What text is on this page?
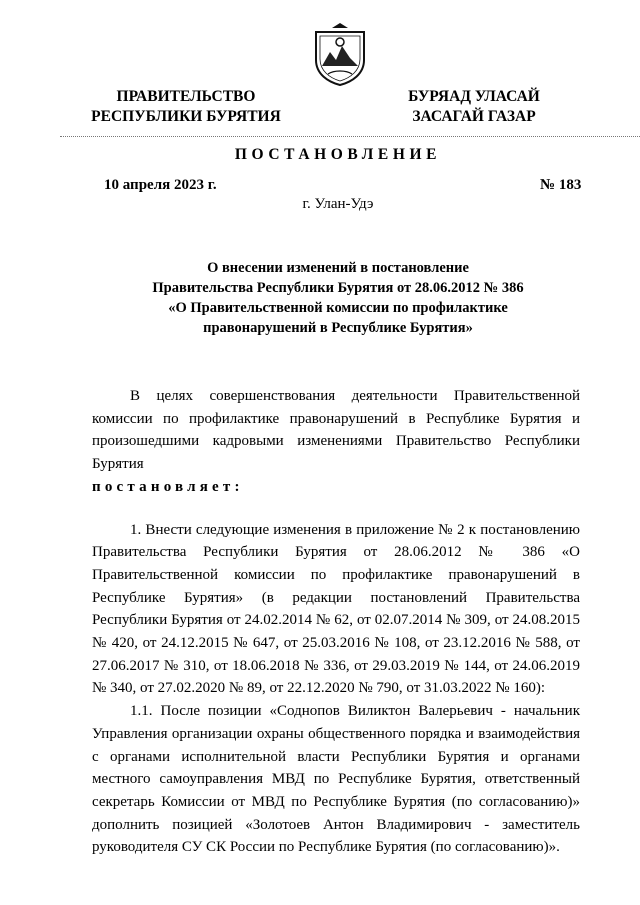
ПРАВИТЕЛЬСТВО
РЕСПУБЛИКИ БУРЯТИЯ
БУРЯАД УЛАСАЙ
ЗАСАГАЙ ГАЗАР
ПОСТАНОВЛЕНИЕ
10 апреля 2023 г.	№ 183
г. Улан-Удэ
О внесении изменений в постановление
Правительства Республики Бурятия от 28.06.2012 № 386
«О Правительственной комиссии по профилактике
правонарушений в Республике Бурятия»

В целях совершенствования деятельности Правительственной комиссии по профилактике правонарушений в Республике Бурятия и произошедшими кадровыми изменениями Правительство Республики Бурятия

постановляет:

1. Внести следующие изменения в приложение № 2 к постановлению Правительства Республики Бурятия от 28.06.2012 № 386 «О Правительственной комиссии по профилактике правонарушений в Республике Бурятия» (в редакции постановлений Правительства Республики Бурятия от 24.02.2014 № 62, от 02.07.2014 № 309, от 24.08.2015 № 420, от 24.12.2015 № 647, от 25.03.2016 № 108, от 23.12.2016 № 588, от 27.06.2017 № 310, от 18.06.2018 № 336, от 29.03.2019 № 144, от 24.06.2019 № 340, от 27.02.2020 № 89, от 22.12.2020 № 790, от 31.03.2022 № 160):

1.1. После позиции «Соднопов Виликтон Валерьевич - начальник Управления организации охраны общественного порядка и взаимодействия с органами исполнительной власти Республики Бурятия и органами местного самоуправления МВД по Республике Бурятия, ответственный секретарь Комиссии от МВД по Республике Бурятия (по согласованию)» дополнить позицией «Золотоев Антон Владимирович - заместитель руководителя СУ СК России по Республике Бурятия (по согласованию)».
